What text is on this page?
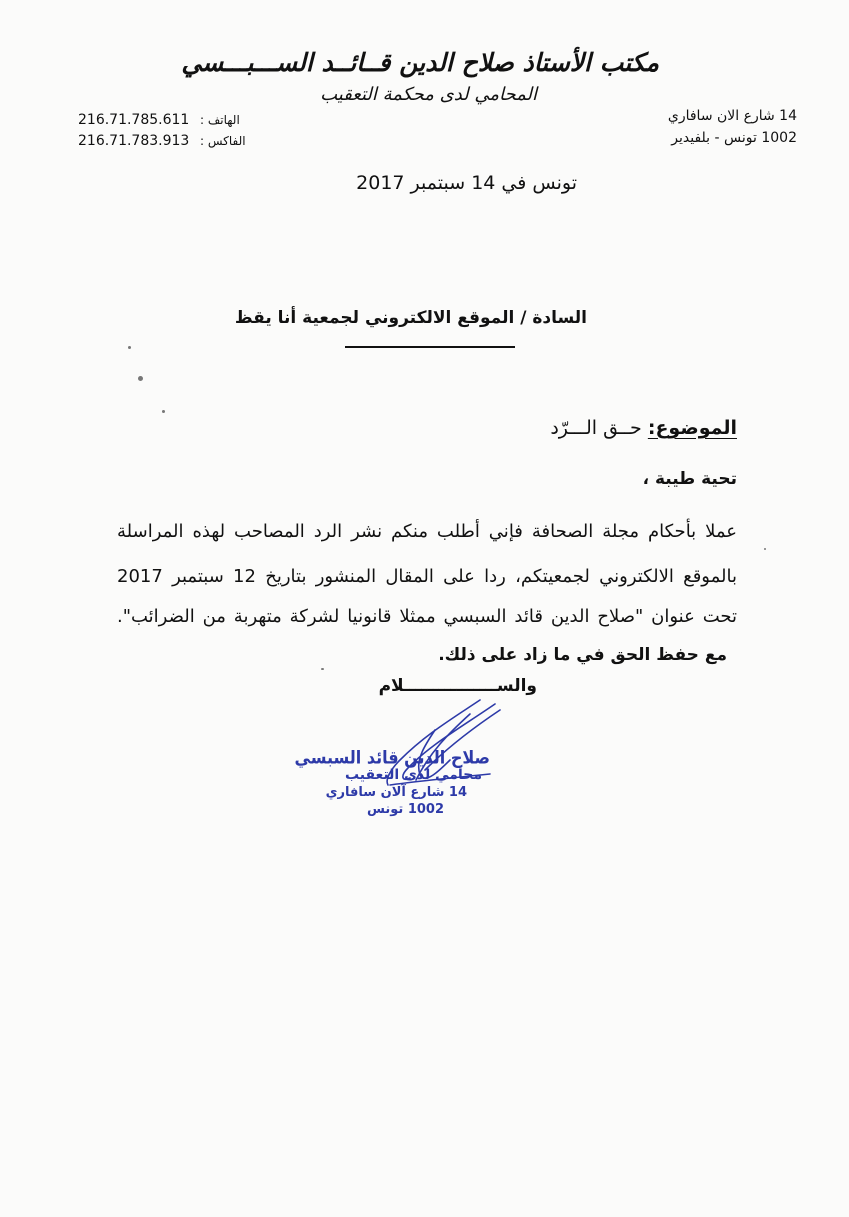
مكتب الأستاذ صلاح الدين قــائــد الســـبـــسي
المحامي لدى محكمة التعقيب
14 شارع الان سافاري
1002 تونس - بلفيدير
216.71.785.611 الهاتف :
216.71.783.913 الفاكس :
تونس في 14 سبتمبر 2017
السادة / الموقع الالكتروني لجمعية أنا يقظ
الموضوع: حــق الـــرّد
تحية طيبة ،
عملا بأحكام مجلة الصحافة فإني أطلب منكم نشر الرد المصاحب لهذه المراسلة
بالموقع الالكتروني لجمعيتكم، ردا على المقال المنشور بتاريخ 12 سبتمبر 2017
تحت عنوان "صلاح الدين قائد السبسي ممثلا قانونيا لشركة متهربة من الضرائب".
مع حفظ الحق في ما زاد على ذلك.
والســــــــــــــــلام
صلاح الدين قائد السبسي
محامي لدى التعقيب
14 شارع آلان سافاري
1002 تونس
